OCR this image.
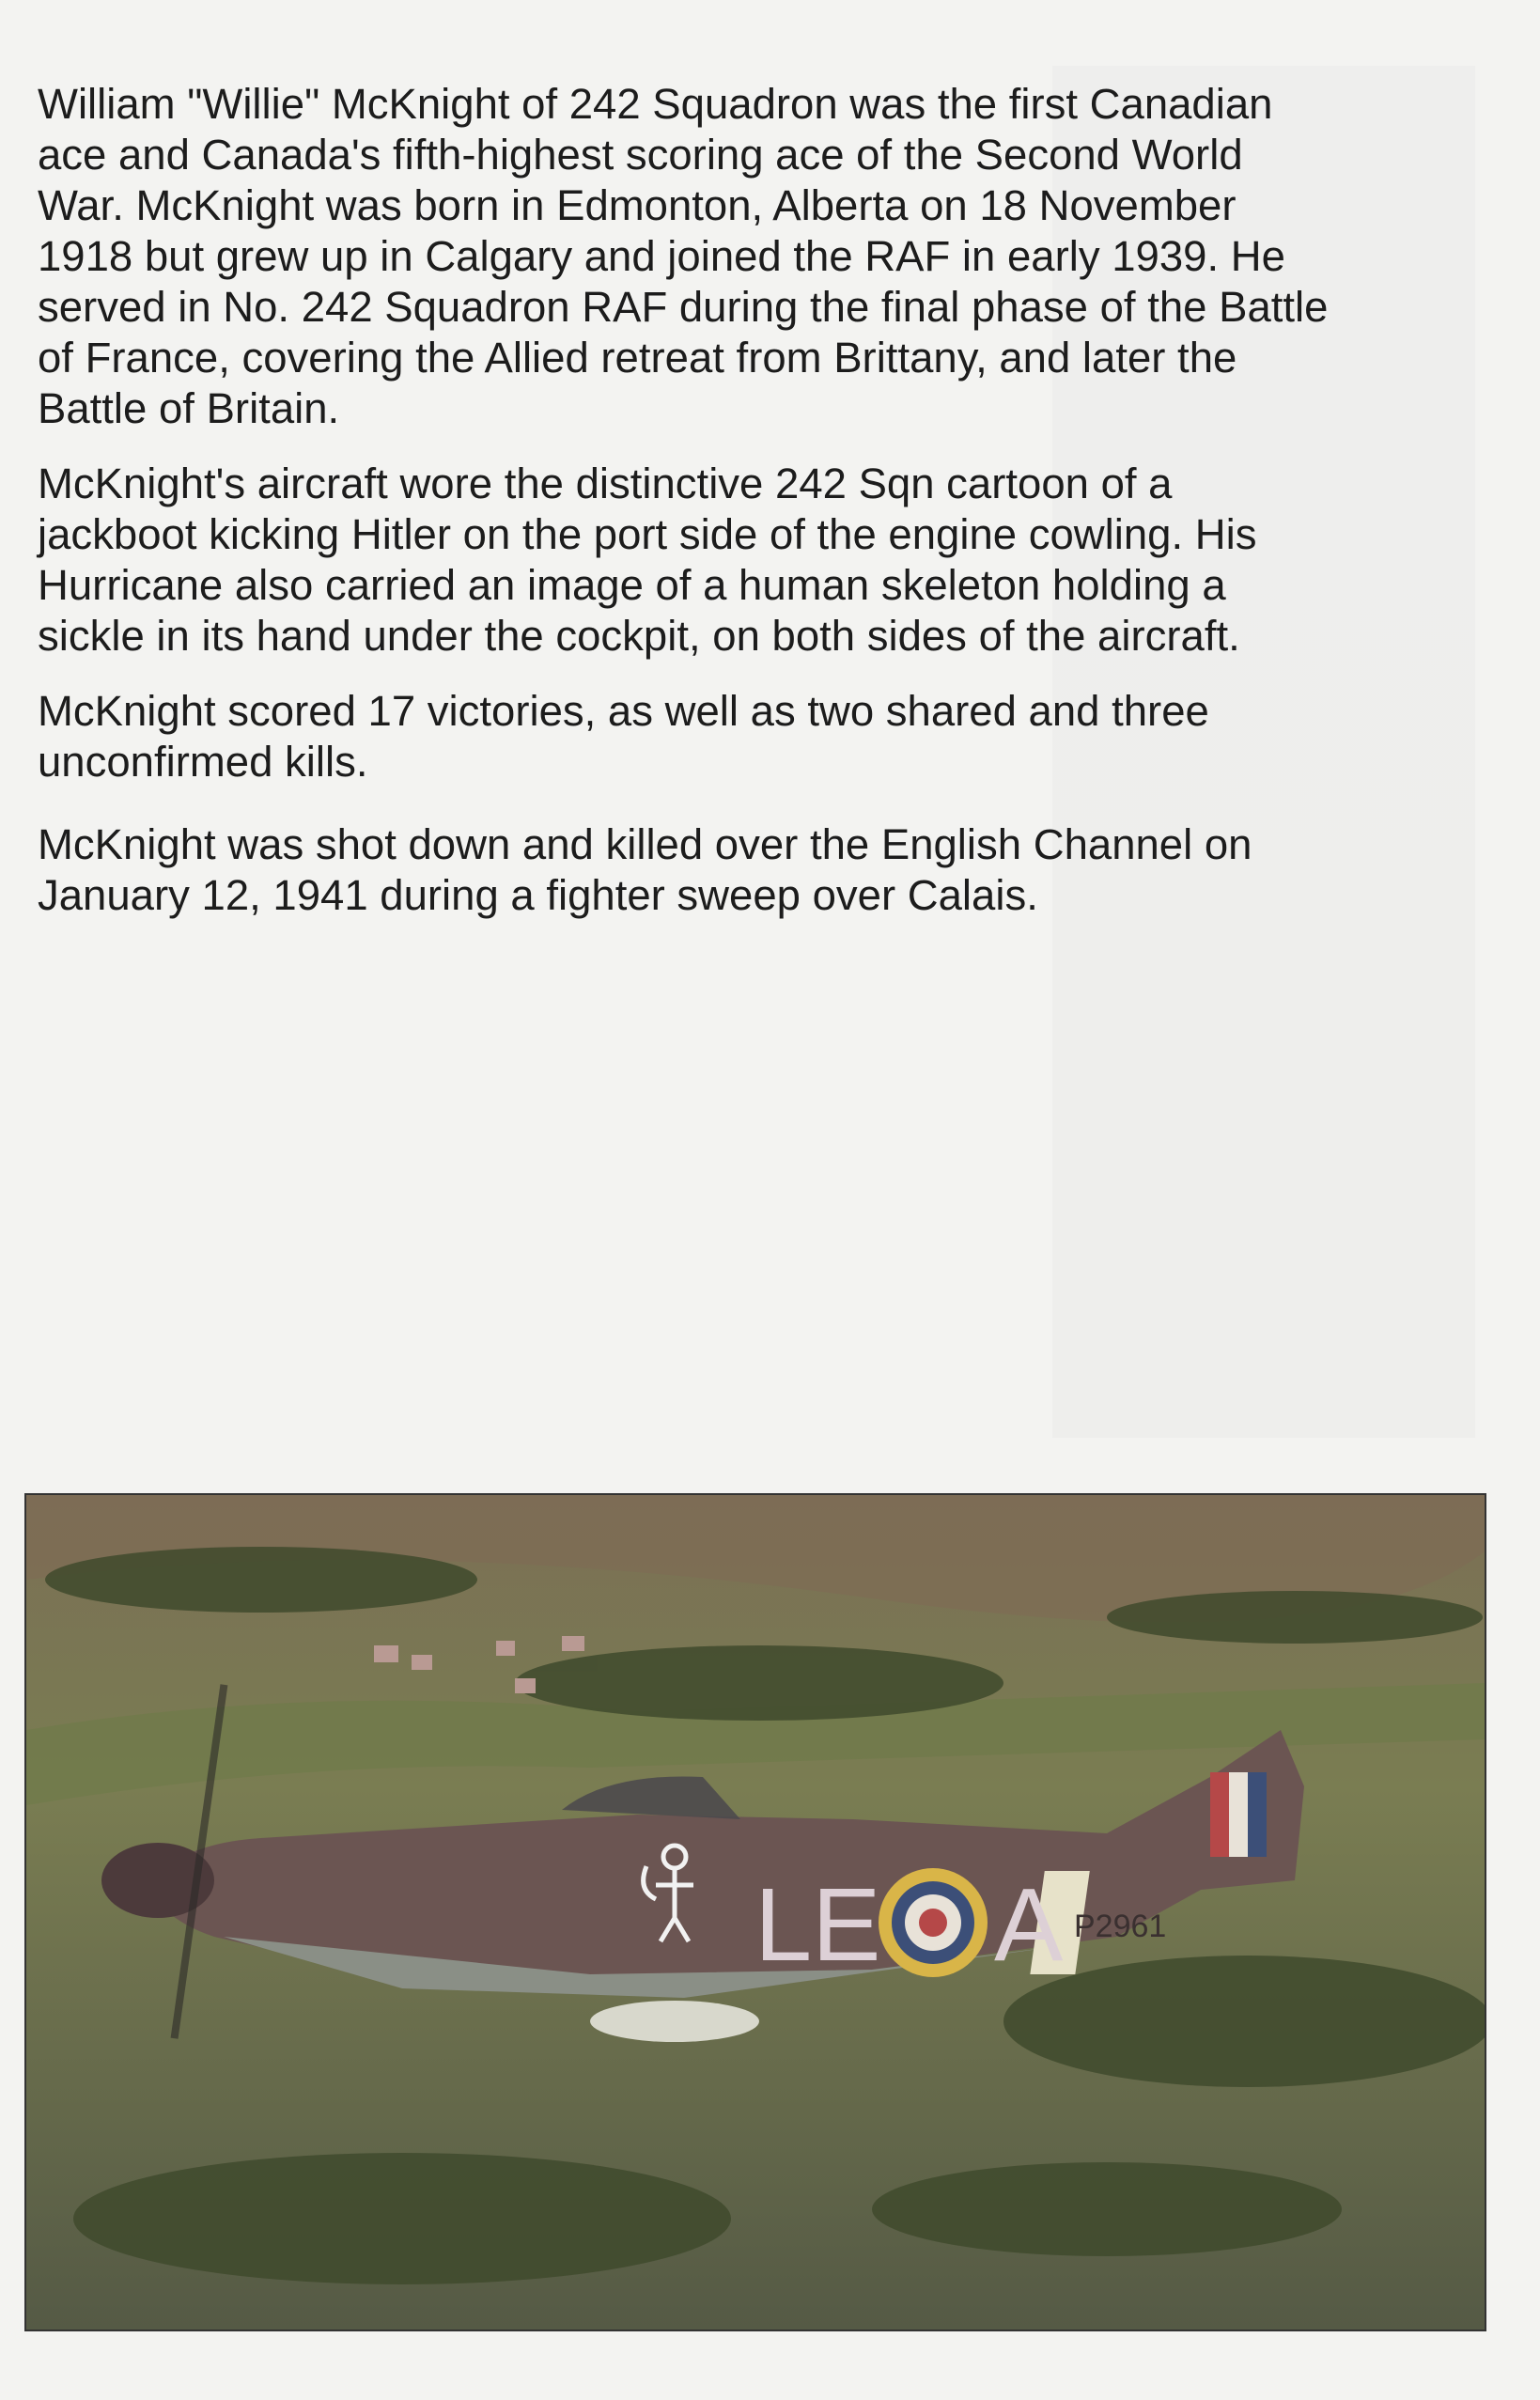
William "Willie" McKnight of 242 Squadron was the first Canadian
ace and Canada's fifth-highest scoring ace of the Second World
War. McKnight was born in Edmonton, Alberta on 18 November
1918 but grew up in Calgary and joined the RAF in early 1939. He
served in No. 242 Squadron RAF during the final phase of the Battle
of France, covering the Allied retreat from Brittany, and later the
Battle of Britain.

McKnight's aircraft wore the distinctive 242 Sqn cartoon of a
jackboot kicking Hitler on the port side of the engine cowling. His
Hurricane also carried an image of a human skeleton holding a
sickle in its hand under the cockpit, on both sides of the aircraft.

McKnight scored 17 victories, as well as two shared and three
unconfirmed kills.

McKnight was shot down and killed over the English Channel on
January 12, 1941 during a fighter sweep over Calais.

LE A P2961
